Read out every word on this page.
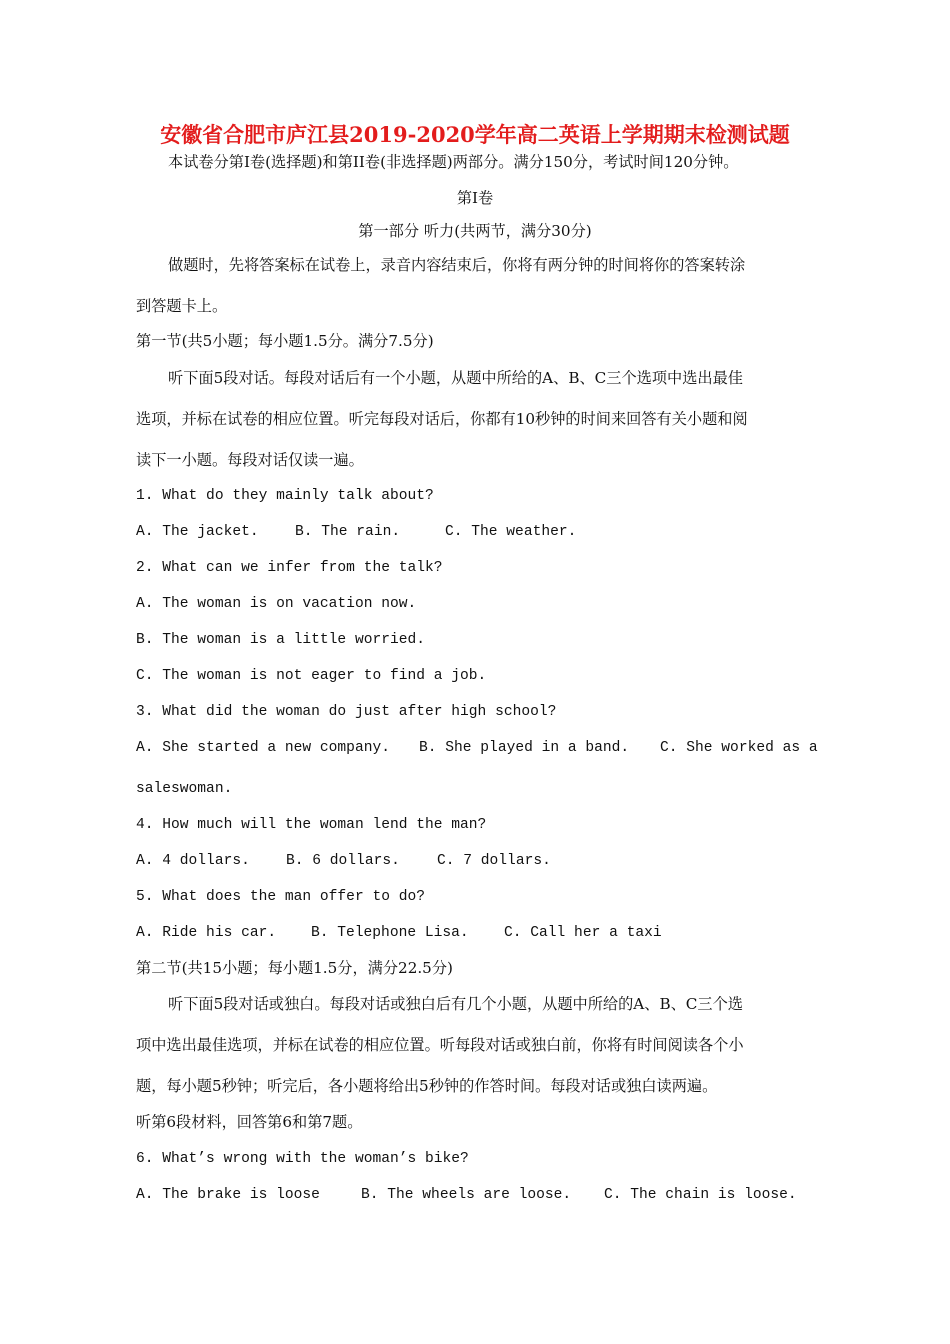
安徽省合肥市庐江县2019-2020学年高二英语上学期期末检测试题
本试卷分第Ⅰ卷(选择题)和第II卷(非选择题)两部分。满分150分，考试时间120分钟。
第Ⅰ卷
第一部分 听力(共两节，满分30分)
做题时，先将答案标在试卷上，录音内容结束后，你将有两分钟的时间将你的答案转涂
到答题卡上。
第一节(共5小题；每小题1.5分。满分7.5分)
听下面5段对话。每段对话后有一个小题，从题中所给的A、B、C三个选项中选出最佳
选项，并标在试卷的相应位置。听完每段对话后，你都有10秒钟的时间来回答有关小题和阅
读下一小题。每段对话仅读一遍。
1. What do they mainly talk about?
A. The jacket. B. The rain.	C. The weather.
2. What can we infer from the talk?
A. The woman is on vacation now.
B. The woman is a little worried.
C. The woman is not eager to find a job.
3. What did the woman do just after high school?
A. She started a new company. B. She played in a band. C. She worked as a
saleswoman.
4. How much will the woman lend the man?
A. 4 dollars. B. 6 dollars.	C. 7 dollars.
5. What does the man offer to do?
A. Ride his car. B. Telephone Lisa. C. Call her a taxi
第二节(共15小题；每小题1.5分，满分22.5分)
听下面5段对话或独白。每段对话或独白后有几个小题，从题中所给的A、B、C三个选
项中选出最佳选项，并标在试卷的相应位置。听每段对话或独白前，你将有时间阅读各个小
题，每小题5秒钟；听完后，各小题将给出5秒钟的作答时间。每段对话或独白读两遍。
听第6段材料，回答第6和第7题。
6. What’s wrong with the woman’s bike?
A. The brake is loose	B. The wheels are loose. C. The chain is loose.
